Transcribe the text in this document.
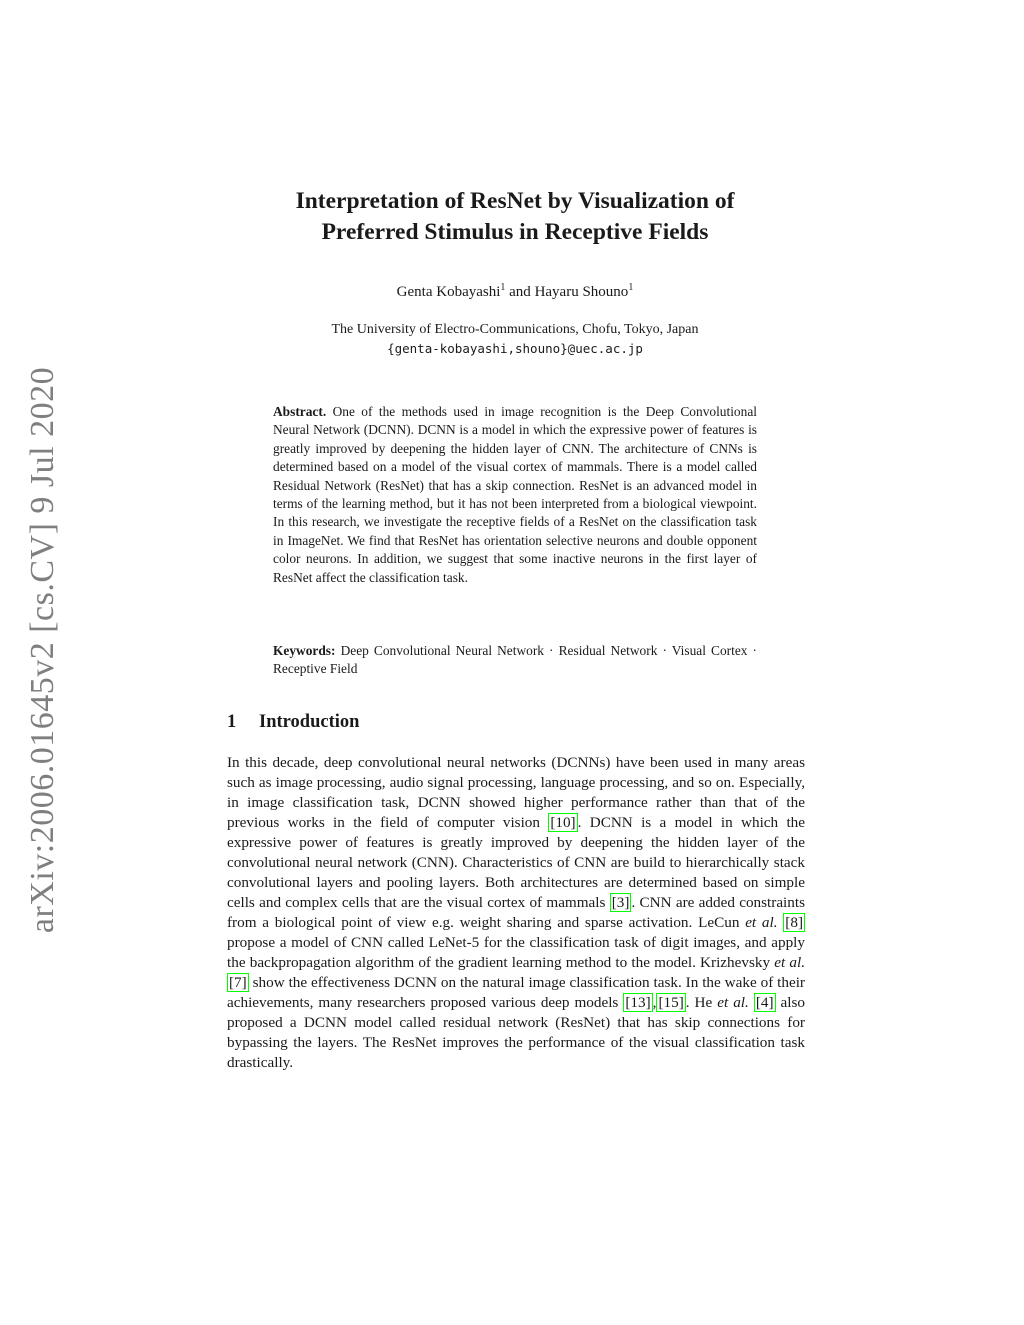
arXiv:2006.01645v2 [cs.CV] 9 Jul 2020
Interpretation of ResNet by Visualization of
Preferred Stimulus in Receptive Fields
Genta Kobayashi$^1$ and Hayaru Shouno$^1$
The University of Electro-Communications, Chofu, Tokyo, Japan
{genta-kobayashi,shouno}@uec.ac.jp
Abstract. One of the methods used in image recognition is the Deep Convolutional Neural Network (DCNN). DCNN is a model in which the expressive power of features is greatly improved by deepening the hidden layer of CNN. The architecture of CNNs is determined based on a model of the visual cortex of mammals. There is a model called Residual Network (ResNet) that has a skip connection. ResNet is an advanced model in terms of the learning method, but it has not been interpreted from a biological viewpoint. In this research, we investigate the receptive fields of a ResNet on the classification task in ImageNet. We find that ResNet has orientation selective neurons and double opponent color neurons. In addition, we suggest that some inactive neurons in the first layer of ResNet affect the classification task.
Keywords: Deep Convolutional Neural Network · Residual Network · Visual Cortex · Receptive Field
1 Introduction
In this decade, deep convolutional neural networks (DCNNs) have been used in many areas such as image processing, audio signal processing, language processing, and so on. Especially, in image classification task, DCNN showed higher performance rather than that of the previous works in the field of computer vision [10] . DCNN is a model in which the expressive power of features is greatly improved by deepening the hidden layer of the convolutional neural network (CNN). Characteristics of CNN are build to hierarchically stack convolutional layers and pooling layers. Both architectures are determined based on simple cells and complex cells that are the visual cortex of mammals [3] . CNN are added constraints from a biological point of view e.g. weight sharing and sparse activation. LeCun et al. [8] propose a model of CNN called LeNet-5 for the classification task of digit images, and apply the backpropagation algorithm of the gradient learning method to the model. Krizhevsky et al. [7] show the effectiveness DCNN on the natural image classification task. In the wake of their achievements, many researchers proposed various deep models [13] , [15] . He et al. [4] also proposed a DCNN model called residual network (ResNet) that has skip connections for bypassing the layers. The ResNet improves the performance of the visual classification task drastically.
